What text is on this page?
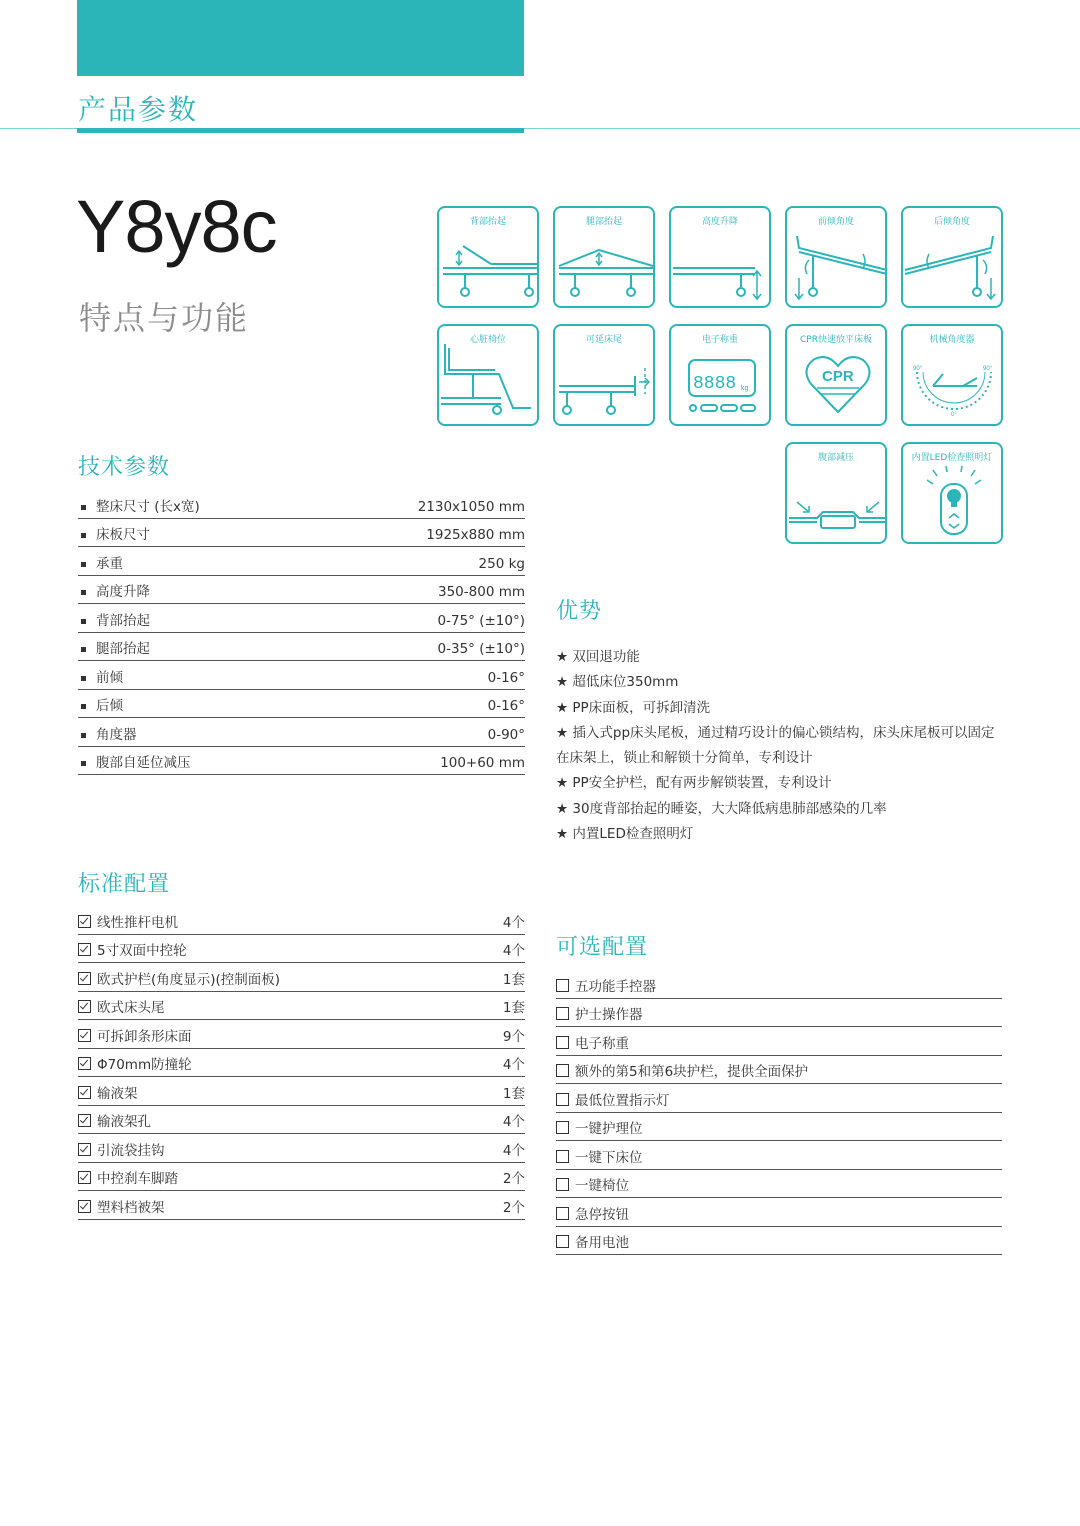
产品参数
Y8y8c
特点与功能
背部抬起	腿部抬起	高度升降	前倾角度	后倾角度
心脏椅位	可延床尾	电子称重
8888 kg
CPR快速放平床板
CPR
机械角度器
90°	90°
0°
腹部减压	内置LED检查照明灯
技术参数
整床尺寸 (长x宽)	2130x1050 mm
床板尺寸	1925x880 mm
承重	250 kg
高度升降	350-800 mm
背部抬起	0-75° (±10°)
腿部抬起	0-35° (±10°)
前倾	0-16°
后倾	0-16°
角度器	0-90°
腹部自延位减压	100+60 mm
优势

★ 双回退功能

★ 超低床位350mm

★ PP床面板，可拆卸清洗

★ 插入式pp床头尾板，通过精巧设计的偏心锁结构，床头床尾板可以固定在床架上，锁止和解锁十分简单，专利设计

★ PP安全护栏，配有两步解锁装置，专利设计

★ 30度背部抬起的睡姿，大大降低病患肺部感染的几率

★ 内置LED检查照明灯

标准配置
线性推杆电机	4个
5寸双面中控轮	4个
欧式护栏(角度显示)(控制面板)	1套
欧式床头尾	1套
可拆卸条形床面	9个
Φ70mm防撞轮	4个
输液架	1套
输液架孔	4个
引流袋挂钩	4个
中控刹车脚踏	2个
塑料档被架	2个
可选配置
五功能手控器
护士操作器
电子称重
额外的第5和第6块护栏，提供全面保护
最低位置指示灯
一键护理位
一键下床位
一键椅位
急停按钮
备用电池
